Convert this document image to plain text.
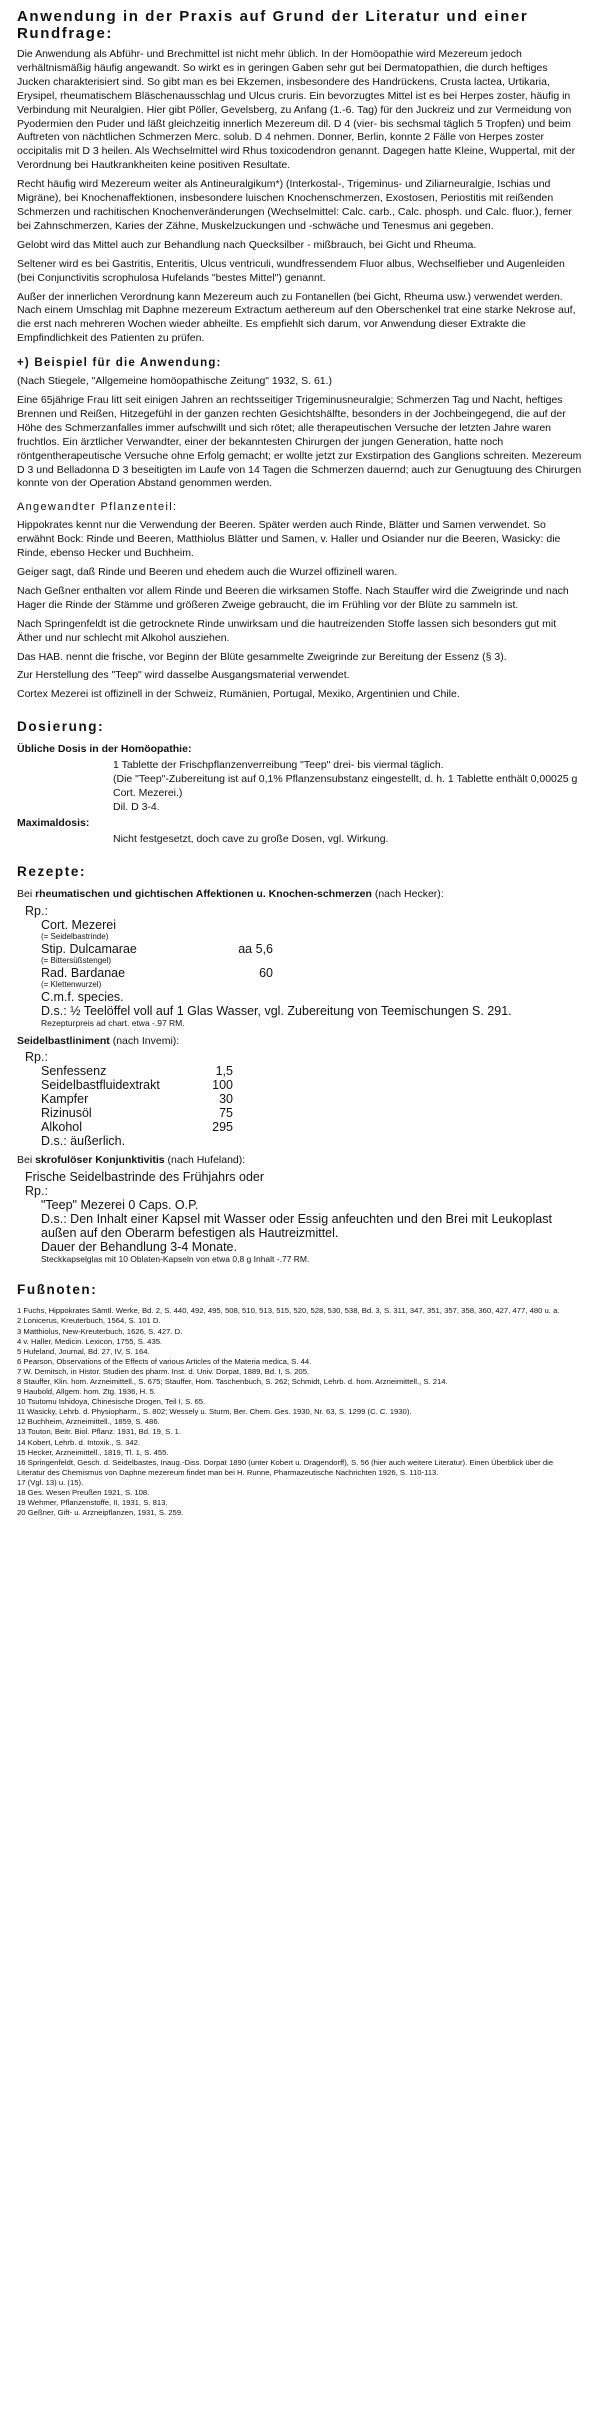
Anwendung in der Praxis auf Grund der Literatur und einer Rundfrage:

Die Anwendung als Abführ- und Brechmittel ist nicht mehr üblich. In der Homöopathie wird Mezereum jedoch verhältnismäßig häufig angewandt. So wirkt es in geringen Gaben sehr gut bei Dermatopathien, die durch heftiges Jucken charakterisiert sind. So gibt man es bei Ekzemen, insbesondere des Handrückens, Crusta lactea, Urtikaria, Erysipel, rheumatischem Bläschenausschlag und Ulcus cruris. Ein bevorzugtes Mittel ist es bei Herpes zoster, häufig in Verbindung mit Neuralgien. Hier gibt Pöller, Gevelsberg, zu Anfang (1.-6. Tag) für den Juckreiz und zur Vermeidung von Pyodermien den Puder und läßt gleichzeitig innerlich Mezereum dil. D 4 (vier- bis sechsmal täglich 5 Tropfen) und beim Auftreten von nächtlichen Schmerzen Merc. solub. D 4 nehmen. Donner, Berlin, konnte 2 Fälle von Herpes zoster occipitalis mit D 3 heilen. Als Wechselmittel wird Rhus toxicodendron genannt. Dagegen hatte Kleine, Wuppertal, mit der Verordnung bei Hautkrankheiten keine positiven Resultate.

Recht häufig wird Mezereum weiter als Antineuralgikum*) (Interkostal-, Trigeminus- und Ziliarneuralgie, Ischias und Migräne), bei Knochenaffektionen, insbesondere luischen Knochenschmerzen, Exostosen, Periostitis mit reißenden Schmerzen und rachitischen Knochenveränderungen (Wechselmittel: Calc. carb., Calc. phosph. und Calc. fluor.), ferner bei Zahnschmerzen, Karies der Zähne, Muskelzuckungen und -schwäche und Tenesmus ani gegeben.

Gelobt wird das Mittel auch zur Behandlung nach Quecksilber - mißbrauch, bei Gicht und Rheuma.

Seltener wird es bei Gastritis, Enteritis, Ulcus ventriculi, wundfressendem Fluor albus, Wechselfieber und Augenleiden (bei Conjunctivitis scrophulosa Hufelands "bestes Mittel") genannt.

Außer der innerlichen Verordnung kann Mezereum auch zu Fontanellen (bei Gicht, Rheuma usw.) verwendet werden. Nach einem Umschlag mit Daphne mezereum Extractum aethereum auf den Oberschenkel trat eine starke Nekrose auf, die erst nach mehreren Wochen wieder abheilte. Es empfiehlt sich darum, vor Anwendung dieser Extrakte die Empfindlichkeit des Patienten zu prüfen.

+) Beispiel für die Anwendung:

(Nach Stiegele, "Allgemeine homöopathische Zeitung" 1932, S. 61.)

Eine 65jährige Frau litt seit einigen Jahren an rechtsseitiger Trigeminusneuralgie; Schmerzen Tag und Nacht, heftiges Brennen und Reißen, Hitzegefühl in der ganzen rechten Gesichtshälfte, besonders in der Jochbeingegend, die auf der Höhe des Schmerzanfalles immer aufschwillt und sich rötet; alle therapeutischen Versuche der letzten Jahre waren fruchtlos. Ein ärztlicher Verwandter, einer der bekanntesten Chirurgen der jungen Generation, hatte noch röntgentherapeutische Versuche ohne Erfolg gemacht; er wollte jetzt zur Exstirpation des Ganglions schreiten. Mezereum D 3 und Belladonna D 3 beseitigten im Laufe von 14 Tagen die Schmerzen dauernd; auch zur Genugtuung des Chirurgen konnte von der Operation Abstand genommen werden.

Angewandter Pflanzenteil:

Hippokrates kennt nur die Verwendung der Beeren. Später werden auch Rinde, Blätter und Samen verwendet. So erwähnt Bock: Rinde und Beeren, Matthiolus Blätter und Samen, v. Haller und Osiander nur die Beeren, Wasicky: die Rinde, ebenso Hecker und Buchheim.

Geiger sagt, daß Rinde und Beeren und ehedem auch die Wurzel offizinell waren.

Nach Geßner enthalten vor allem Rinde und Beeren die wirksamen Stoffe. Nach Stauffer wird die Zweigrinde und nach Hager die Rinde der Stämme und größeren Zweige gebraucht, die im Frühling vor der Blüte zu sammeln ist.

Nach Springenfeldt ist die getrocknete Rinde unwirksam und die hautreizenden Stoffe lassen sich besonders gut mit Äther und nur schlecht mit Alkohol ausziehen.

Das HAB. nennt die frische, vor Beginn der Blüte gesammelte Zweigrinde zur Bereitung der Essenz (§ 3).

Zur Herstellung des "Teep" wird dasselbe Ausgangsmaterial verwendet.

Cortex Mezerei ist offizinell in der Schweiz, Rumänien, Portugal, Mexiko, Argentinien und Chile.

Dosierung:
Übliche Dosis in der Homöopathie:
1 Tablette der Frischpflanzenverreibung "Teep" drei- bis viermal täglich.
(Die "Teep"-Zubereitung ist auf 0,1% Pflanzensubstanz eingestellt, d. h. 1 Tablette enthält 0,00025 g Cort. Mezerei.)
Dil. D 3-4.
Maximaldosis:
Nicht festgesetzt, doch cave zu große Dosen, vgl. Wirkung.
Rezepte:
Bei rheumatischen und gichtischen Affektionen u. Knochen-schmerzen (nach Hecker):
Rp.:
Cort. Mezerei
(= Seidelbastrinde)
Stip. Dulcamarae	aa 5,6
(= Bittersüßstengel)
Rad. Bardanae	60
(= Klettenwurzel)
C.m.f. species.
D.s.: ½ Teelöffel voll auf 1 Glas Wasser, vgl. Zubereitung von Teemischungen S. 291.
Rezepturpreis ad chart. etwa -.97 RM.
Seidelbastliniment (nach Invemi):
Rp.:
Senfessenz	1,5
Seidelbastfluidextrakt	100
Kampfer	30
Rizinusöl	75
Alkohol	295
D.s.: äußerlich.
Bei skrofulöser Konjunktivitis (nach Hufeland):
Frische Seidelbastrinde des Frühjahrs oder
Rp.:
"Teep" Mezerei 0 Caps. O.P.
D.s.: Den Inhalt einer Kapsel mit Wasser oder Essig anfeuchten und den Brei mit Leukoplast außen auf den Oberarm befestigen als Hautreizmittel.
Dauer der Behandlung 3-4 Monate.
Steckkapselglas mit 10 Oblaten-Kapseln von etwa 0,8 g Inhalt -.77 RM.
Fußnoten:

1 Fuchs, Hippokrates Sämtl. Werke, Bd. 2, S. 440, 492, 495, 508, 510, 513, 515, 520, 528, 530, 538, Bd. 3, S. 311, 347, 351, 357, 358, 360, 427, 477, 480 u. a.

2 Lonicerus, Kreuterbuch, 1564, S. 101 D.

3 Matthiolus, New-Kreuterbuch, 1626, S. 427. D.

4 v. Haller, Medicin. Lexicon, 1755, S. 435.

5 Hufeland, Journal, Bd. 27, IV, S. 164.

6 Pearson, Observations of the Effects of various Articles of the Materia medica, S. 44.

7 W. Demitsch, in Histor. Studien des pharm. Inst. d. Univ. Dorpat, 1889, Bd. I, S. 205.

8 Stauffer, Klin. hom. Arzneimittell., S. 675; Stauffer, Hom. Taschenbuch, S. 262; Schmidt, Lehrb. d. hom. Arzneimittell., S. 214.

9 Haubold, Allgem. hom. Ztg. 1936, H. 5.

10 Tsutomu Ishidoya, Chinesische Drogen, Teil I, S. 65.

11 Wasicky, Lehrb. d. Physiopharm., S. 802; Wessely u. Sturm, Ber. Chem. Ges. 1930, Nr. 63, S. 1299 (C. C. 1930).

12 Buchheim, Arzneimittell., 1859, S. 486.

13 Touton, Beitr. Biol. Pflanz. 1931, Bd. 19, S. 1.

14 Kobert, Lehrb. d. Intoxik., S. 342.

15 Hecker, Arzneimittell., 1819, Tl. 1, S. 455.

16 Springenfeldt, Gesch. d. Seidelbastes, Inaug.-Diss. Dorpat 1890 (unter Kobert u. Dragendorff), S. 56 (hier auch weitere Literatur). Einen Überblick über die Literatur des Chemismus von Daphne mezereum findet man bei H. Runne, Pharmazeutische Nachrichten 1926, S. 110-113.

17 (Vgl. 13) u. (15).

18 Ges. Wesen Preußen 1921, S. 108.

19 Wehmer, Pflanzenstoffe, II, 1931, S. 813.

20 Geßner, Gift- u. Arzneipflanzen, 1931, S. 259.
